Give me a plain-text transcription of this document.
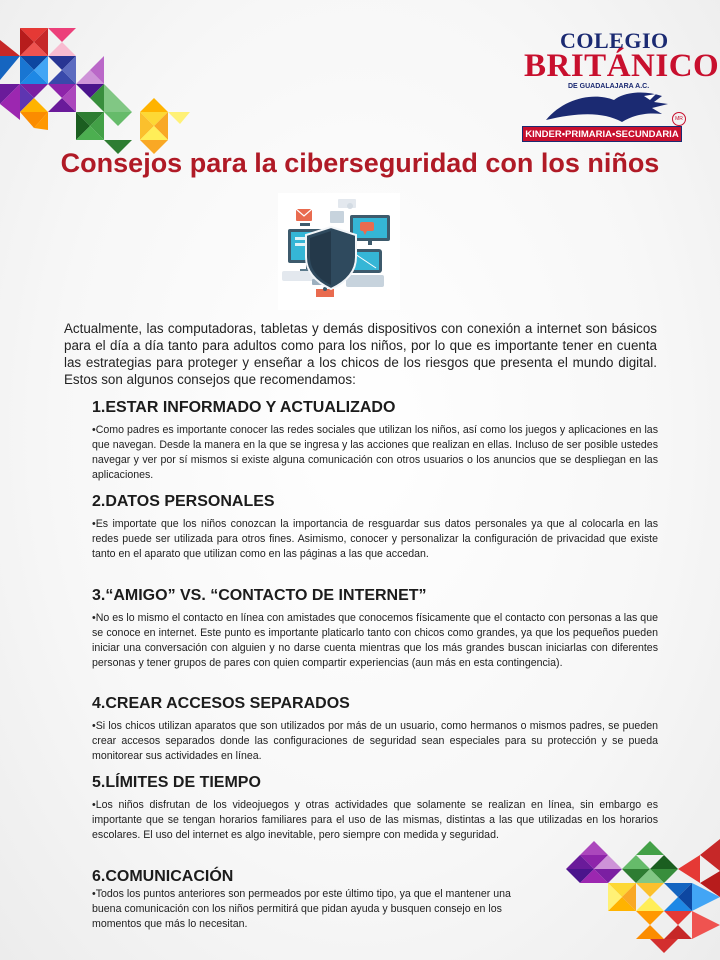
COLEGIO
BRITÁNICO
DE GUADALAJARA A.C.
MR
KINDER•PRIMARIA•SECUNDARIA
Consejos para la ciberseguridad con los niños

Actualmente, las computadoras, tabletas y demás dispositivos con conexión a internet son básicos para el día a día tanto para adultos como para los niños, por lo que es importante tener en cuenta las estrategias para proteger y enseñar a los chicos de los riesgos que presenta el mundo digital. Estos son algunos consejos que recomendamos:

1.ESTAR INFORMADO Y ACTUALIZADO

•Como padres es importante conocer las redes sociales que utilizan los niños, así como los juegos y aplicaciones en las que navegan. Desde la manera en la que se ingresa y las acciones que realizan en ellas. Incluso de ser posible ustedes navegar y ver por sí mismos si existe alguna comunicación con otros usuarios o los anuncios que se despliegan en las aplicaciones.

2.DATOS PERSONALES

•Es importate que los niños conozcan la importancia de resguardar sus datos personales ya que al colocarla en las redes puede ser utilizada para otros fines. Asimismo, conocer y personalizar la configuración de privacidad que existe tanto en el aparato que utilizan como en las páginas a las que accedan.

3.“AMIGO” VS. “CONTACTO DE INTERNET”

•No es lo mismo el contacto en línea con amistades que conocemos físicamente que el contacto con personas a las que se conoce en internet. Este punto es importante platicarlo tanto con chicos como grandes, ya que los pequeños pueden iniciar una conversación con alguien y no darse cuenta mientras que los más grandes buscan iniciarlas con diferentes personas y tener grupos de pares con quien compartir experiencias (aun más en esta contingencia).

4.CREAR ACCESOS SEPARADOS

•Si los chicos utilizan aparatos que son utilizados por más de un usuario, como hermanos o mismos padres, se pueden crear accesos separados donde las configuraciones de seguridad sean especiales para su protección y se pueda monitorear sus actividades en línea.

5.LÍMITES DE TIEMPO

•Los niños disfrutan de los videojuegos y otras actividades que solamente se realizan en línea, sin embargo es importante que se tengan horarios familiares para el uso de las mismas, distintas a las que utilizadas en los horarios escolares. El uso del internet es algo inevitable, pero siempre con medida y seguridad.

6.COMUNICACIÓN

•Todos los puntos anteriores son permeados por este último tipo, ya que el mantener una buena comunicación con los niños permitirá que pidan ayuda y busquen consejo en los momentos que más lo necesitan.
